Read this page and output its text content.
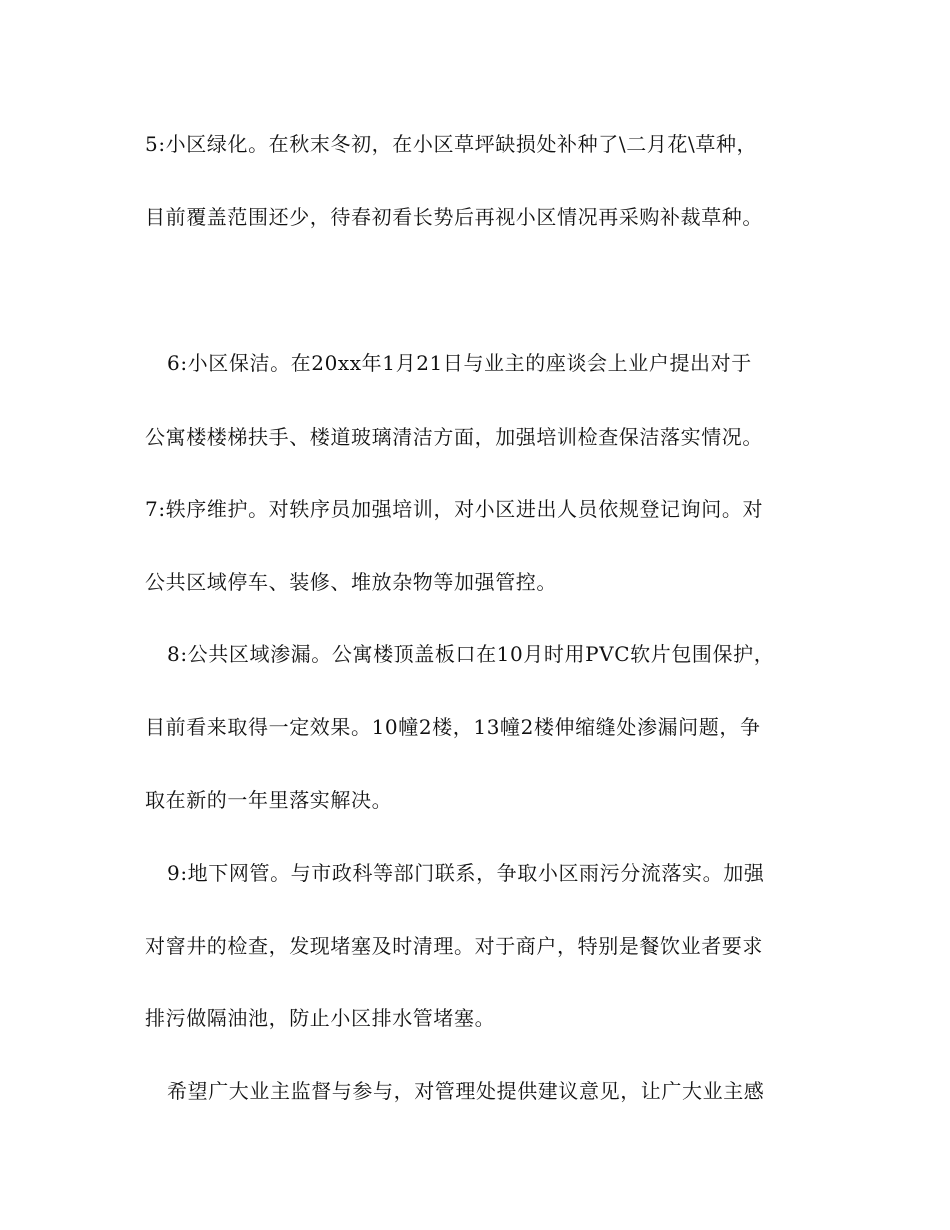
5:小区绿化。在秋末冬初，在小区草坪缺损处补种了\二月花\草种，
目前覆盖范围还少，待春初看长势后再视小区情况再采购补裁草种。
6:小区保洁。在20xx年1月21日与业主的座谈会上业户提出对于
公寓楼楼梯扶手、楼道玻璃清洁方面，加强培训检查保洁落实情况。
7:轶序维护。对轶序员加强培训，对小区进出人员依规登记询问。对
公共区域停车、装修、堆放杂物等加强管控。
8:公共区域渗漏。公寓楼顶盖板口在10月时用PVC软片包围保护，
目前看来取得一定效果。10幢2楼，13幢2楼伸缩缝处渗漏问题，争
取在新的一年里落实解决。
9:地下网管。与市政科等部门联系，争取小区雨污分流落实。加强
对窨井的检查，发现堵塞及时清理。对于商户，特别是餐饮业者要求
排污做隔油池，防止小区排水管堵塞。
希望广大业主监督与参与，对管理处提供建议意见，让广大业主感
